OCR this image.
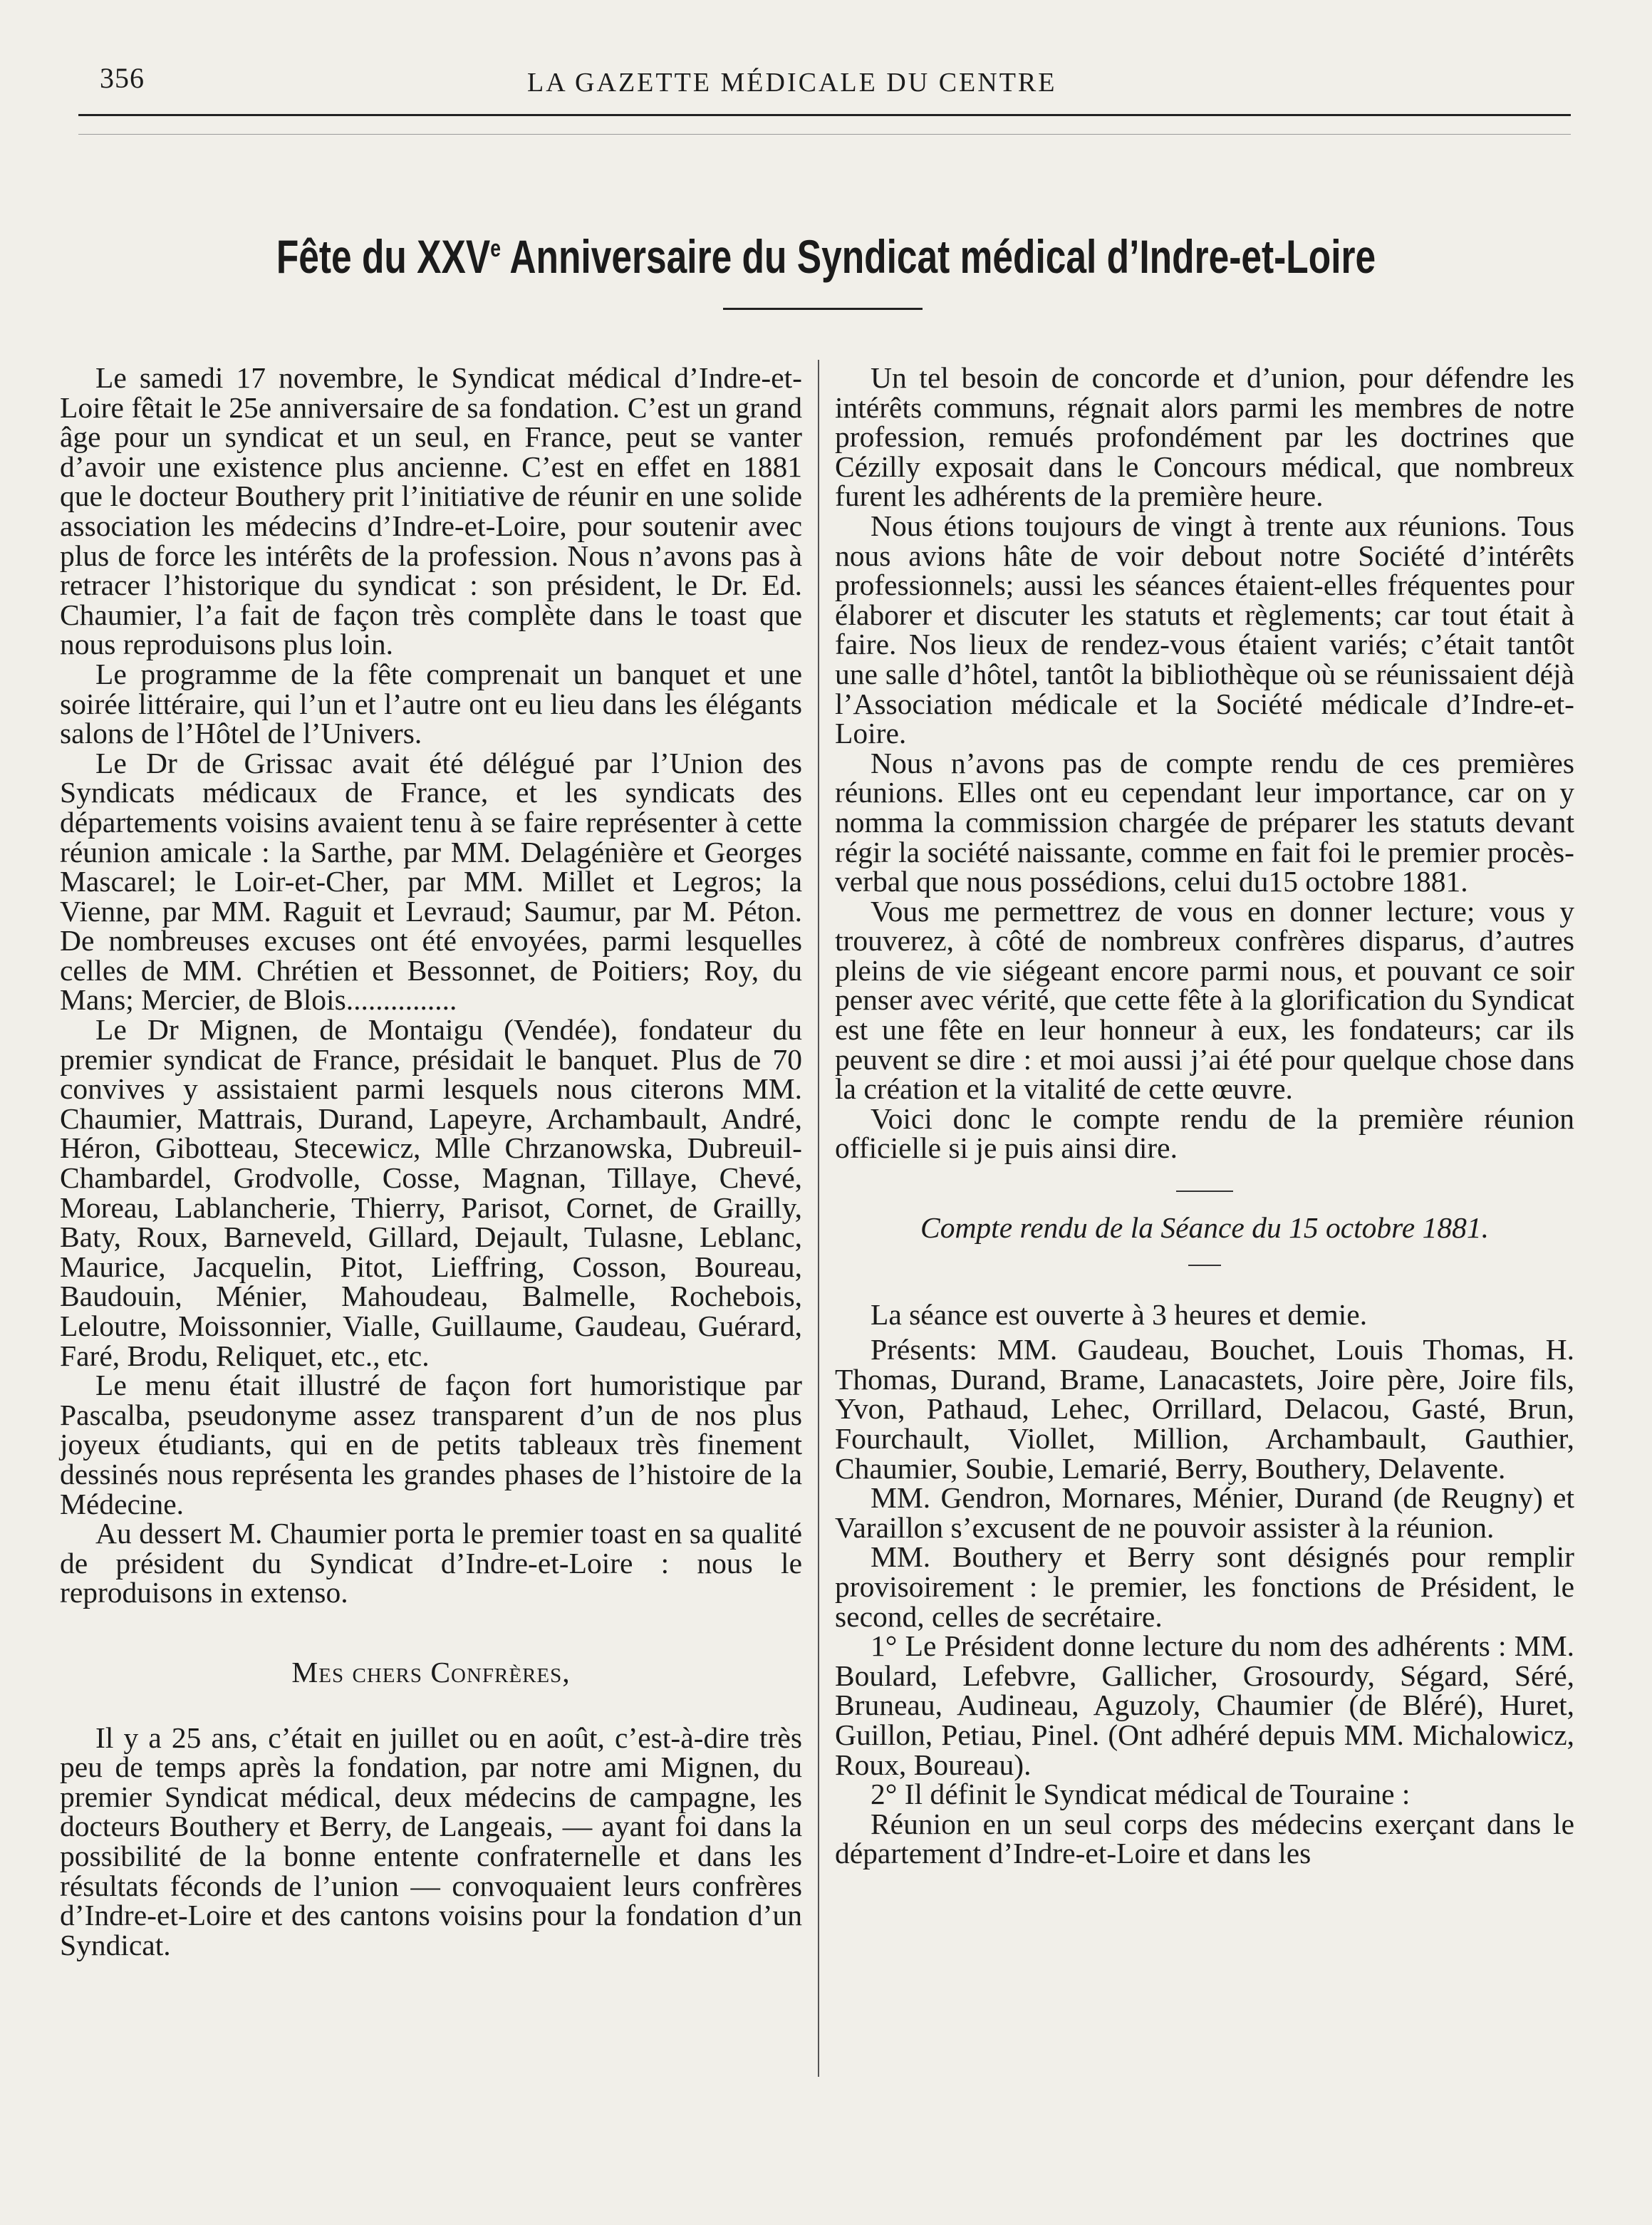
356	LA GAZETTE MÉDICALE DU CENTRE
Fête du XXVe Anniversaire du Syndicat médical d’Indre-et-Loire

Le samedi 17 novembre, le Syndicat médical d’Indre-et-Loire fêtait le 25e anniversaire de sa fondation. C’est un grand âge pour un syndicat et un seul, en France, peut se vanter d’avoir une existence plus ancienne. C’est en effet en 1881 que le docteur Bouthery prit l’initiative de réunir en une solide association les médecins d’Indre-et-Loire, pour soutenir avec plus de force les intérêts de la profession. Nous n’avons pas à retracer l’historique du syndicat : son président, le Dr. Ed. Chaumier, l’a fait de façon très complète dans le toast que nous reproduisons plus loin.

Le programme de la fête comprenait un banquet et une soirée littéraire, qui l’un et l’autre ont eu lieu dans les élégants salons de l’Hôtel de l’Univers.

Le Dr de Grissac avait été délégué par l’Union des Syndicats médicaux de France, et les syndicats des départements voisins avaient tenu à se faire représenter à cette réunion amicale : la Sarthe, par MM. Delagénière et Georges Mascarel; le Loir-et-Cher, par MM. Millet et Legros; la Vienne, par MM. Raguit et Levraud; Saumur, par M. Péton. De nombreuses excuses ont été envoyées, parmi lesquelles celles de MM. Chrétien et Bessonnet, de Poitiers; Roy, du Mans; Mercier, de Blois...............

Le Dr Mignen, de Montaigu (Vendée), fondateur du premier syndicat de France, présidait le banquet. Plus de 70 convives y assistaient parmi lesquels nous citerons MM. Chaumier, Mattrais, Durand, Lapeyre, Archambault, André, Héron, Gibotteau, Stecewicz, Mlle Chrzanowska, Dubreuil-Chambardel, Grodvolle, Cosse, Magnan, Tillaye, Chevé, Moreau, Lablancherie, Thierry, Parisot, Cornet, de Grailly, Baty, Roux, Barneveld, Gillard, Dejault, Tulasne, Leblanc, Maurice, Jacquelin, Pitot, Lieffring, Cosson, Boureau, Baudouin, Ménier, Mahoudeau, Balmelle, Rochebois, Leloutre, Moissonnier, Vialle, Guillaume, Gaudeau, Guérard, Faré, Brodu, Reliquet, etc., etc.

Le menu était illustré de façon fort humoristique par Pascalba, pseudonyme assez transparent d’un de nos plus joyeux étudiants, qui en de petits tableaux très finement dessinés nous représenta les grandes phases de l’histoire de la Médecine.

Au dessert M. Chaumier porta le premier toast en sa qualité de président du Syndicat d’Indre-et-Loire : nous le reproduisons in extenso.

Mes chers Confrères,

Il y a 25 ans, c’était en juillet ou en août, c’est-à-dire très peu de temps après la fondation, par notre ami Mignen, du premier Syndicat médical, deux médecins de campagne, les docteurs Bouthery et Berry, de Langeais, — ayant foi dans la possibilité de la bonne entente confraternelle et dans les résultats féconds de l’union — convoquaient leurs confrères d’Indre-et-Loire et des cantons voisins pour la fondation d’un Syndicat.

Un tel besoin de concorde et d’union, pour défendre les intérêts communs, régnait alors parmi les membres de notre profession, remués profondément par les doctrines que Cézilly exposait dans le Concours médical, que nombreux furent les adhérents de la première heure.

Nous étions toujours de vingt à trente aux réunions. Tous nous avions hâte de voir debout notre Société d’intérêts professionnels; aussi les séances étaient-elles fréquentes pour élaborer et discuter les statuts et règlements; car tout était à faire. Nos lieux de rendez-vous étaient variés; c’était tantôt une salle d’hôtel, tantôt la bibliothèque où se réunissaient déjà l’Association médicale et la Société médicale d’Indre-et-Loire.

Nous n’avons pas de compte rendu de ces premières réunions. Elles ont eu cependant leur importance, car on y nomma la commission chargée de préparer les statuts devant régir la société naissante, comme en fait foi le premier procès-verbal que nous possédions, celui du15 octobre 1881.

Vous me permettrez de vous en donner lecture; vous y trouverez, à côté de nombreux confrères disparus, d’autres pleins de vie siégeant encore parmi nous, et pouvant ce soir penser avec vérité, que cette fête à la glorification du Syndicat est une fête en leur honneur à eux, les fondateurs; car ils peuvent se dire : et moi aussi j’ai été pour quelque chose dans la création et la vitalité de cette œuvre.

Voici donc le compte rendu de la première réunion officielle si je puis ainsi dire.

Compte rendu de la Séance du 15 octobre 1881.

La séance est ouverte à 3 heures et demie.

Présents: MM. Gaudeau, Bouchet, Louis Thomas, H. Thomas, Durand, Brame, Lanacastets, Joire père, Joire fils, Yvon, Pathaud, Lehec, Orrillard, Delacou, Gasté, Brun, Fourchault, Viollet, Million, Archambault, Gauthier, Chaumier, Soubie, Lemarié, Berry, Bouthery, Delavente.

MM. Gendron, Mornares, Ménier, Durand (de Reugny) et Varaillon s’excusent de ne pouvoir assister à la réunion.

MM. Bouthery et Berry sont désignés pour remplir provisoirement : le premier, les fonctions de Président, le second, celles de secrétaire.

1° Le Président donne lecture du nom des adhérents : MM. Boulard, Lefebvre, Gallicher, Grosourdy, Ségard, Séré, Bruneau, Audineau, Aguzoly, Chaumier (de Bléré), Huret, Guillon, Petiau, Pinel. (Ont adhéré depuis MM. Michalowicz, Roux, Boureau).

2° Il définit le Syndicat médical de Touraine :

Réunion en un seul corps des médecins exerçant dans le département d’Indre-et-Loire et dans les
